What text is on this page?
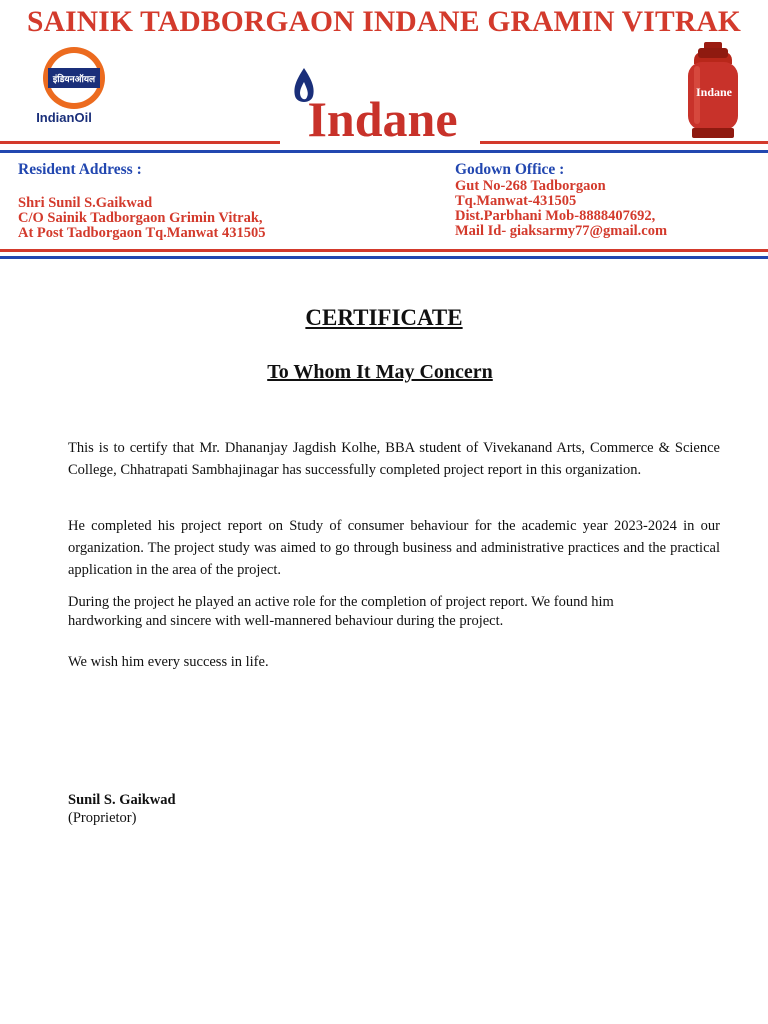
SAINIK TADBORGAON INDANE GRAMIN VITRAK
इंडियनऑयल
IndianOil	Indane	Indane
Resident Address :
Shri Sunil S.Gaikwad
C/O Sainik Tadborgaon Grimin Vitrak,
At Post Tadborgaon Tq.Manwat 431505
Godown Office :
Gut No-268 Tadborgaon
Tq.Manwat-431505
Dist.Parbhani Mob-8888407692,
Mail Id- giaksarmy77@gmail.com
CERTIFICATE
To Whom It May Concern

This is to certify that Mr. Dhananjay Jagdish Kolhe, BBA student of Vivekanand Arts, Commerce & Science College, Chhatrapati Sambhajinagar has successfully completed project report in this organization.

He completed his project report on Study of consumer behaviour for the academic year 2023-2024 in our organization. The project study was aimed to go through business and administrative practices and the practical application in the area of the project.

During the project he played an active role for the completion of project report. We found him

hardworking and sincere with well-mannered behaviour during the project.

We wish him every success in life.

Sunil S. Gaikwad
(Proprietor)
